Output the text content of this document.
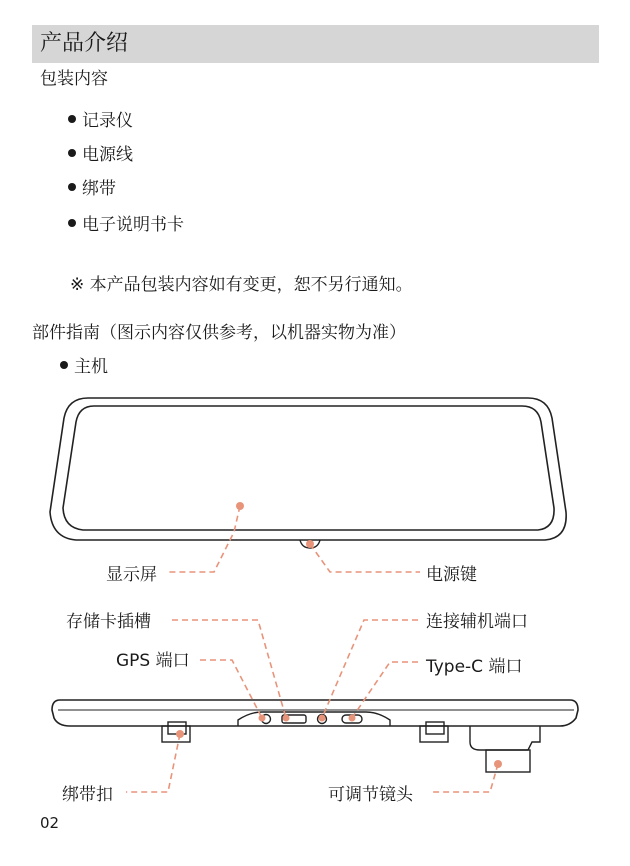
产品介绍
包装内容
记录仪
电源线
绑带
电子说明书卡
※ 本产品包装内容如有变更，恕不另行通知。
部件指南（图示内容仅供参考，以机器实物为准）
主机
显示屏	电源键
存储卡插槽	连接辅机端口
GPS 端口	Type-C 端口
绑带扣	可调节镜头
02
